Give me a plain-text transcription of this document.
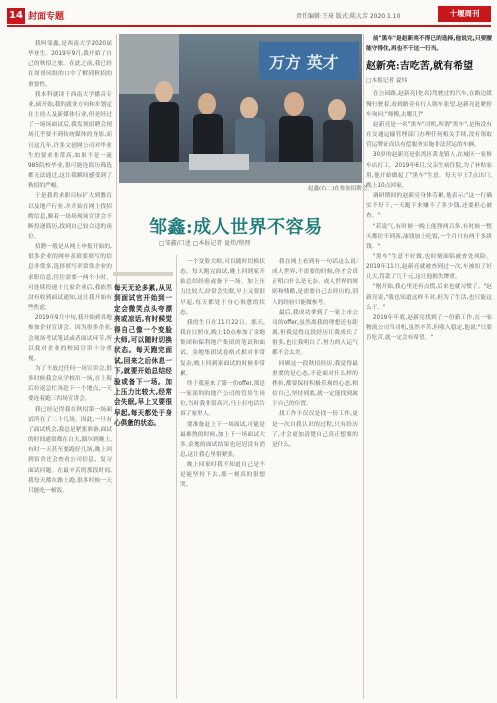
14 封面专题	责任编辑:王琦 版式:陈大芳 2020.1.10	十堰周刊

我叫邹鑫,是西南大学2020届毕业生。2019年9月,我开始了自己的秋招之旅。在此之前,我已经在周哥同组的口中了解到秋招的重要性。

我本科就读于西南大学播音专业,硕开始,我的就业方向和步划定在主持人及新媒体行业,但是经过了一场场面试后,我发现招聘会现场几乎要不到传统媒体的身影,而且这几年,许多文创网公司对毕业生的要求非常高,如果不是一流985院校毕业,很可能连简历筛选都无法通过,这让我瞬间感受到了秋招的严峻。

于是我将求职目标扩大到教育以及地产行业,并开始在网上找招聘信息,顺着一场场现场宣讲会不断投递简历,找到自己较合适的岗位。

招聘一般是从网上申报开始的,很多企业的网申表填要填写的信息非常多,选择填写率常常企业的求职信息,往往需要一两个小时。可连续投递十几家企业后,我依然没有收到面试通知,这让我开始有些焦虑。

2019年9月中旬,我开始到各地参加企业宣讲会。因为很多企业,会现场考试笔试或者面试环节,所以我对企业的校园宣讲十分重视。

为了不放过任何一场宣讲会,很多时候我会从学校出一场,在上海后拉返急忙奔赴下一个地点,一天要连着跑三四场宣讲会。

我已经记得我在秋招第一场面试所在了二十几场。因此,一旦有了面试机会,我总是紧张准备,面试的时间通常都在白天,偶尔到晚上,有时一天甚至要跑好几场,晚上回到宿舍还会查看公司信息、复习面试问题。在最辛苦的那段时间,我每天都在路上跑,很多时候一天只能吃一顿饭。

万方 英才
赵鑫(右二)在参加招聘会。
邹鑫:成人世界不容易
□邹鑫/口述 □本报记者 夏炜/整理
每天无论多累,从见到面试官开始到一定会微笑点头夸漂亮或凉话,有时候觉得自己像一个变脸大师,可以随时切换状态。每天跑完面试,回来之后休息一下,就要开始总结经验或备下一场。加上压力比较大,经常会失眠,早上又要很早起,每天都处于身心俱惫的状态。

一个变脸大师,可以随时切换状态。每天跑完面试,晚上回到家开始总结经验或备下一场。加上压力比较大,经常会失眠,早上又要很早起,每天都处于身心俱惫的状态。

我的生日在11月22日。那天,我在日照市,晚上10点参加了金地集团和保利地产集团的笔试和面试。金地集团试卷格式相对非常复杂,晚上回到家面试的时候非常累。

终于我迎来了第一份offer,那是一家深圳的地产公司的管培生岗位,当时我非常高兴,马上打电话告诉了家里人。

要准备赶上下一场面试,可能是最难熬的时候,加上下一场面试大多,金地的面试结果也迟迟没有消息,这让我心里很紧张。

晚上回家时我不知道自己是不是能坚持下去,那一刻真的很想哭。

我在网上看到有一句话这么说:成人世界,不需要的时候,你才会真正明白什么是无奈。成人世界的规则和残酷,是需要自己去经历的,别人的经验只能做参考。

最后,我成功拿到了一家上市公司的offer,虽然离我的理想还有距离,但我觉得这段经历让我成长了很多,也让我明白了,努力的人运气都不会太差。

回顾这一段秋招经历,我觉得最重要的是心态,不论面对什么样的挫折,都要保持积极乐观的心态,相信自己,坚持到底,就一定能找到属于自己的位置。

找工作不仅仅是找一份工作,更是一次自我认识的过程,只有经历了,才会更加清楚自己真正想要的是什么。

前"黑车"是赵新亮不得已的选择,他说完,只要腰能守得住,再也不干这一行当。

赵新亮:吉吃苦,就有希望
□本报记者 夏炜

在公园路,赵新亮(化名)驾驶过的汽车,在路边缓慢行驶着,看到路旁有行人朝车张望,赵新亮赶紧停车询问:"师傅,去哪儿?"

赵新亮是一名"黑车"司机,所谓"黑车",是指没有在交通运输管理部门办理任何相关手续,没有领取营运牌证而以有偿服务实施非法营运的车辆。

30岁的赵新亮是张湾区黄龙镇人,在城区一家修车店打工。2019年6月,父亲生病住院,为了补贴家用,他开始做起了"黑车"生意。每天早上7点出门,晚上10点回家。

调研期间的赵新亮身体劳累,他表示:"这一行确实不好干,一天跑下来赚不了多少钱,还要担心被查。"

"若说气,有时候一晚上能挣两百多,有时候一整天都拉不到客,油钱加上吃饭,一个月只有两千多块钱。"

"黑车"生意不好做,也时刻面临被查处风险。2019年11月,赵新亮就被查到过一次,车被扣了好几天,罚款了几千元,这让他损失惨重。

"刚开始,我心里还有点慌,后来也就习惯了。"赵新亮说,"我也知道这样不对,但为了生活,也只能这么干。"

2019年年底,赵新亮找到了一份新工作,在一家物流公司当司机,虽然辛苦,但收入稳定,他说:"只要肯吃苦,就一定会有希望。"
